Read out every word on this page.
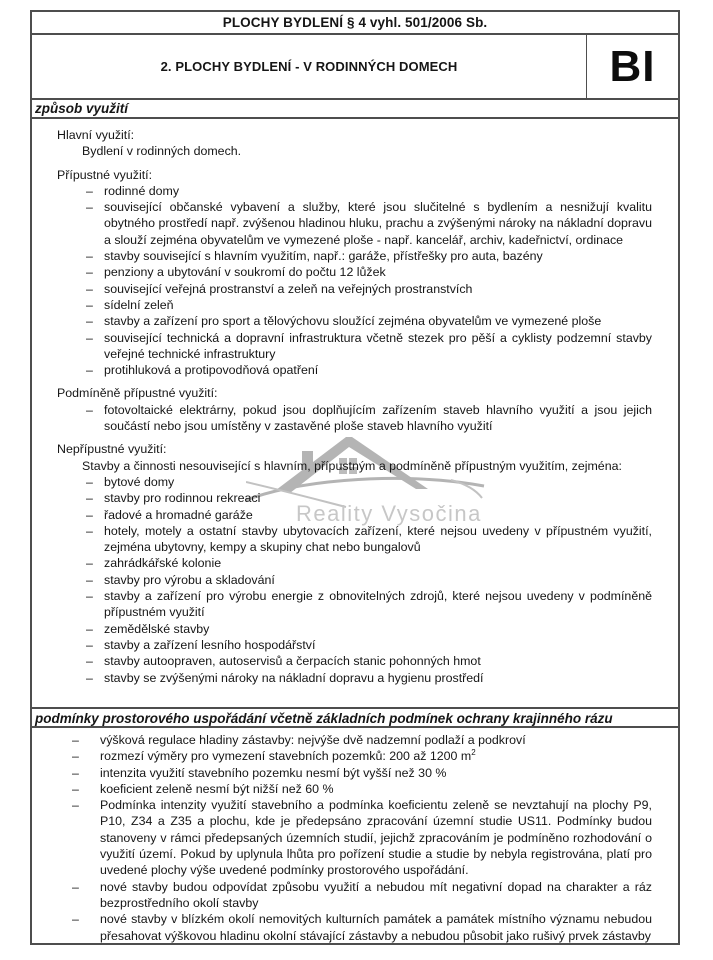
Reality Vysočina
PLOCHY BYDLENÍ § 4 vyhl. 501/2006 Sb.
2. PLOCHY BYDLENÍ - V RODINNÝCH DOMECH	BI
způsob využití
Hlavní využití:

Bydlení v rodinných domech.

Přípustné využití:
– rodinné domy

– související občanské vybavení a služby, které jsou slučitelné s bydlením a nesnižují kvalitu obytného prostředí např. zvýšenou hladinou hluku, prachu a zvýšenými nároky na nákladní dopravu a slouží zejména obyvatelům ve vymezené ploše - např. kancelář, archiv, kadeřnictví, ordinace

– stavby související s hlavním využitím, např.: garáže, přístřešky pro auta, bazény

– penziony a ubytování v soukromí do počtu 12 lůžek

– související veřejná prostranství a zeleň na veřejných prostranstvích

– sídelní zeleň

– stavby a zařízení pro sport a tělovýchovu sloužící zejména obyvatelům ve vymezené ploše

– související technická a dopravní infrastruktura včetně stezek pro pěší a cyklisty podzemní stavby veřejné technické infrastruktury

– protihluková a protipovodňová opatření

Podmíněně přípustné využití:
– fotovoltaické elektrárny, pokud jsou doplňujícím zařízením staveb hlavního využití a jsou jejich součástí nebo jsou umístěny v zastavěné ploše staveb hlavního využití

Nepřípustné využití:

Stavby a činnosti nesouvisející s hlavním, přípustným a podmíněně přípustným využitím, zejména:

– bytové domy

– stavby pro rodinnou rekreaci

– řadové a hromadné garáže

– hotely, motely a ostatní stavby ubytovacích zařízení, které nejsou uvedeny v přípustném využití, zejména ubytovny, kempy a skupiny chat nebo bungalovů

– zahrádkářské kolonie

– stavby pro výrobu a skladování

– stavby a zařízení pro výrobu energie z obnovitelných zdrojů, které nejsou uvedeny v podmíněně přípustném využití

– zemědělské stavby

– stavby a zařízení lesního hospodářství

– stavby autoopraven, autoservisů a čerpacích stanic pohonných hmot

– stavby se zvýšenými nároky na nákladní dopravu a hygienu prostředí

podmínky prostorového uspořádání včetně základních podmínek ochrany krajinného rázu
–	výšková regulace hladiny zástavby: nejvýše dvě nadzemní podlaží a podkroví

–	rozmezí výměry pro vymezení stavebních pozemků: 200 až 1200 $m^2$

–	intenzita využití stavebního pozemku nesmí být vyšší než 30 %

–	koeficient zeleně nesmí být nižší než 60 %

–	Podmínka intenzity využití stavebního a podmínka koeficientu zeleně se nevztahují na plochy P9, P10, Z34 a Z35 a plochu, kde je předepsáno zpracování územní studie US11. Podmínky budou stanoveny v rámci předepsaných územních studií, jejichž zpracováním je podmíněno rozhodování o využití území. Pokud by uplynula lhůta pro pořízení studie a studie by nebyla registrována, platí pro uvedené plochy výše uvedené podmínky prostorového uspořádání.

–	nové stavby budou odpovídat způsobu využití a nebudou mít negativní dopad na charakter a ráz bezprostředního okolí stavby

–	nové stavby v blízkém okolí nemovitých kulturních památek a památek místního významu nebudou přesahovat výškovou hladinu okolní stávající zástavby a nebudou působit jako rušivý prvek zástavby
